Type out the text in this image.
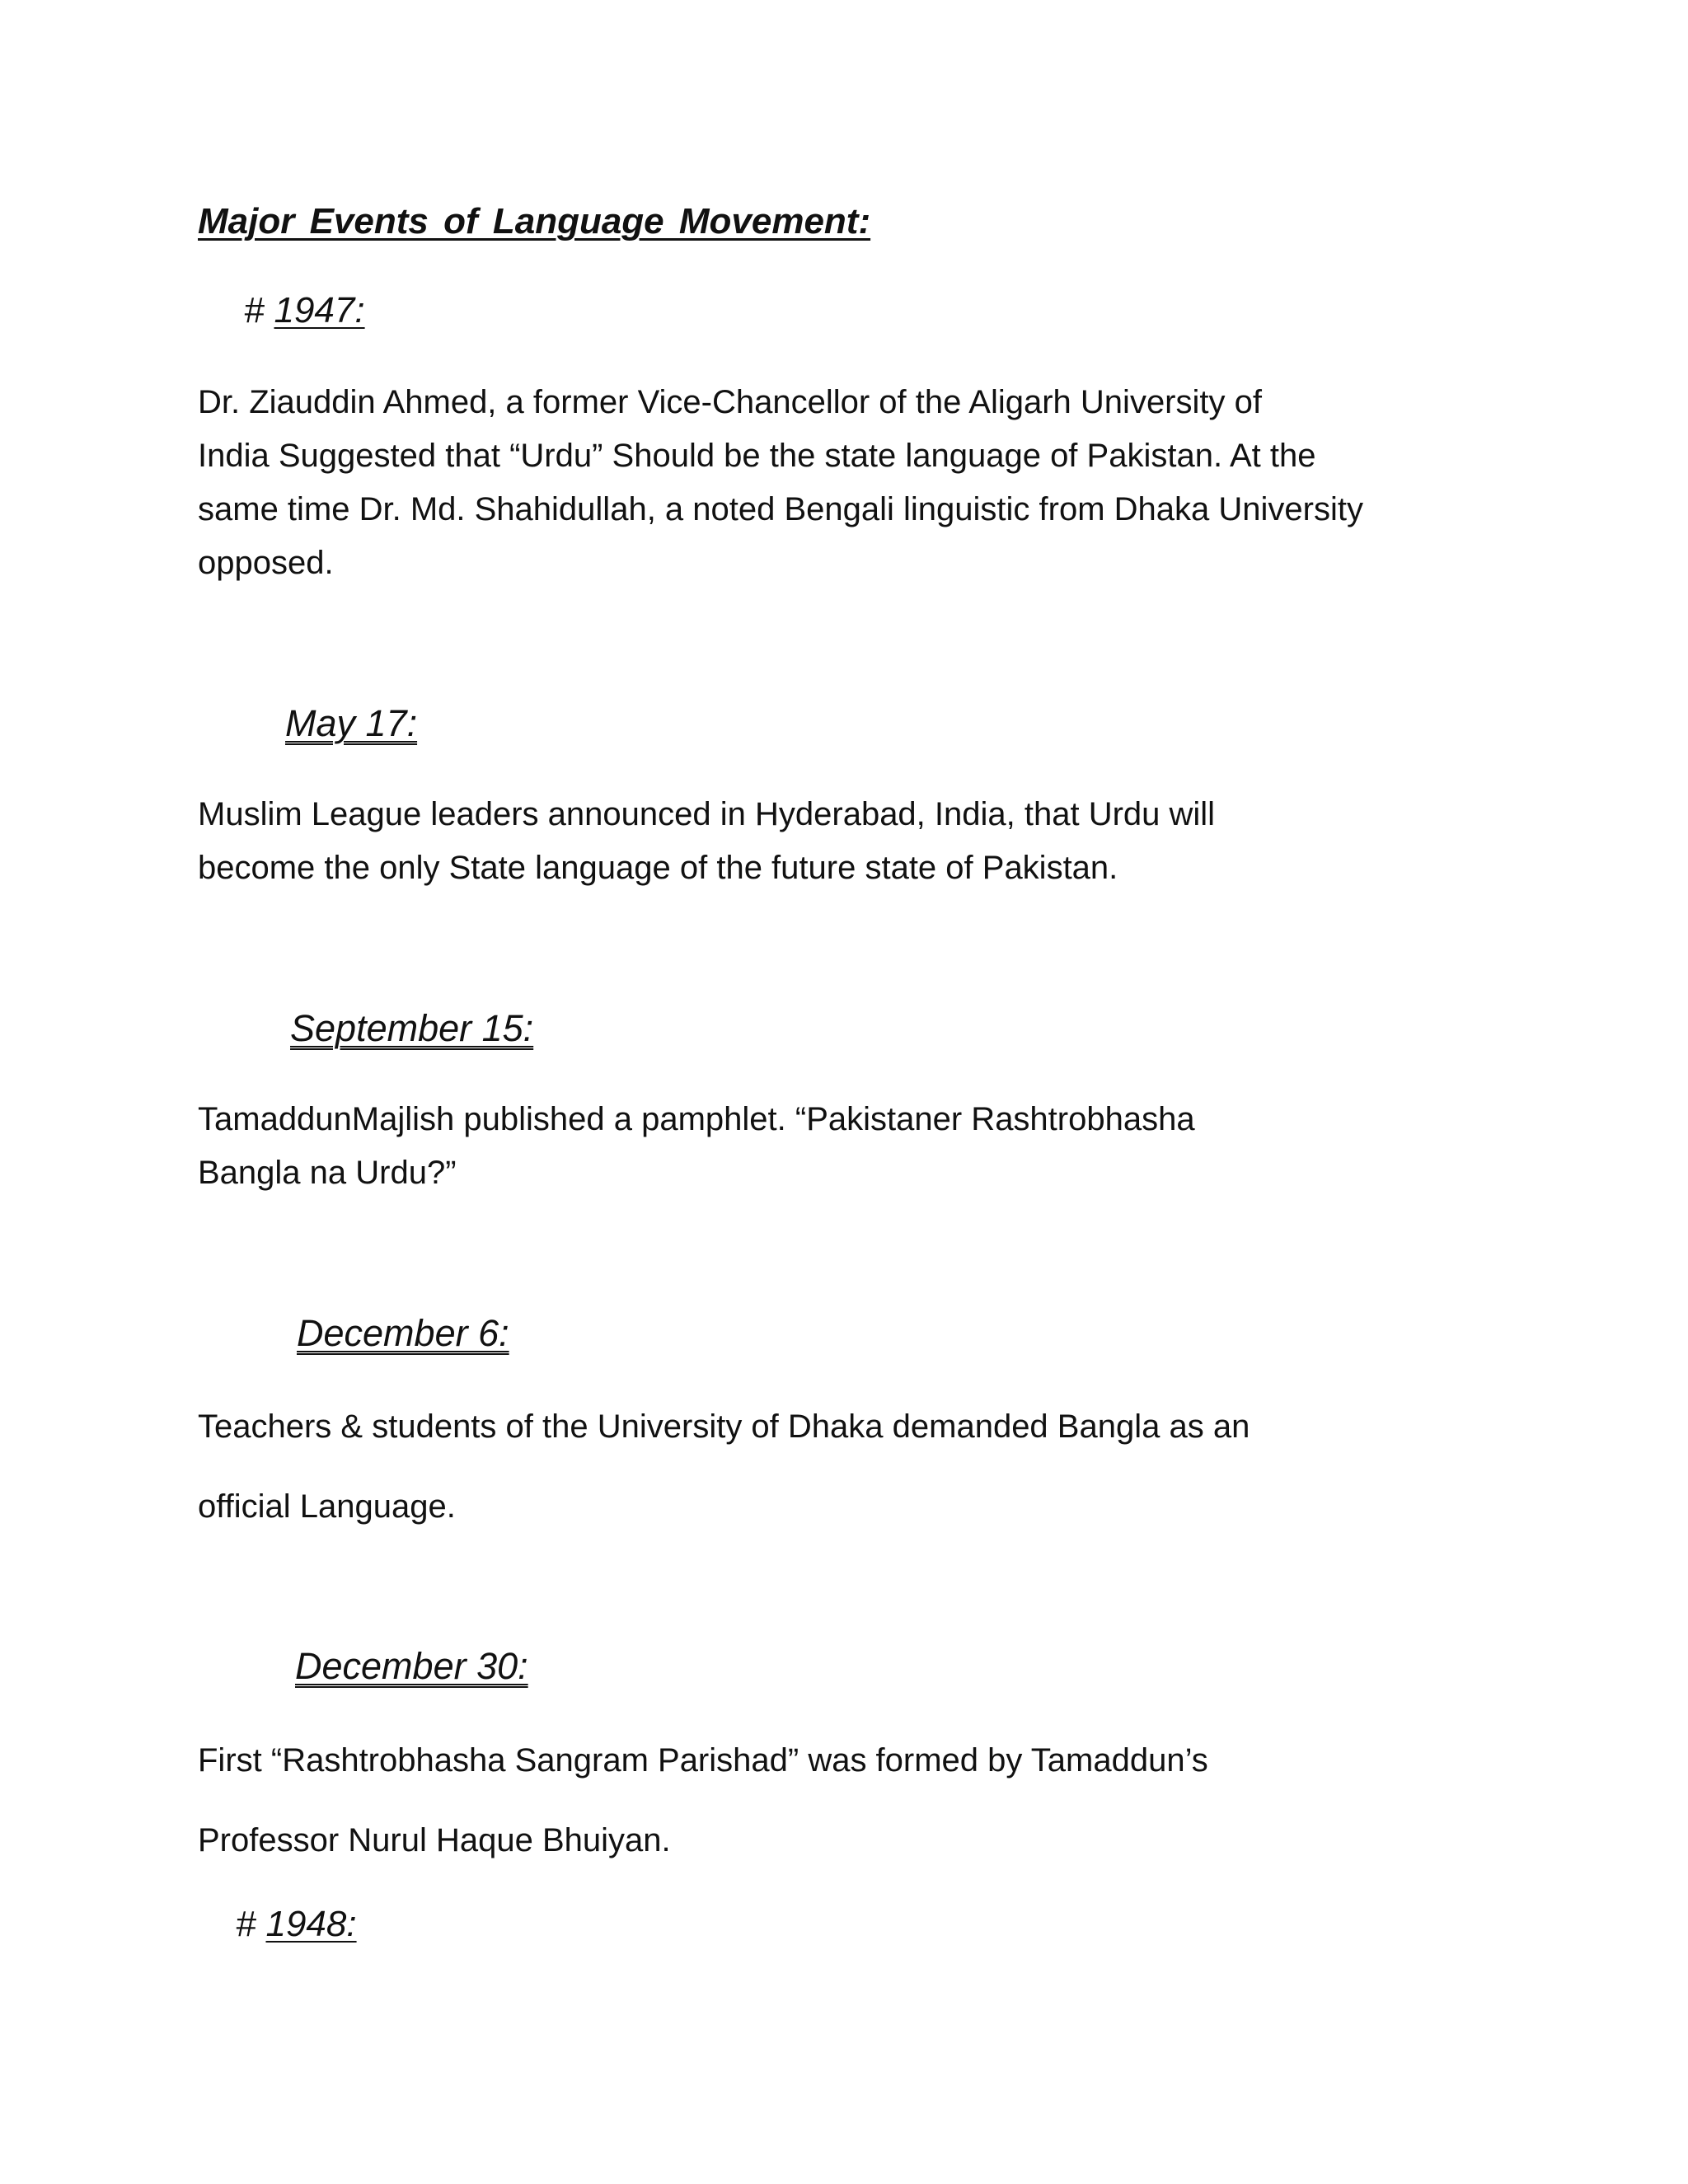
Major Events of Language Movement:
# 1947:

Dr. Ziauddin Ahmed, a former Vice-Chancellor of the Aligarh University of
India Suggested that “Urdu” Should be the state language of Pakistan. At the
same time Dr. Md. Shahidullah, a noted Bengali linguistic from Dhaka University
opposed.

May 17:

Muslim League leaders announced in Hyderabad, India, that Urdu will
become the only State language of the future state of Pakistan.

September 15:

TamaddunMajlish published a pamphlet. “Pakistaner Rashtrobhasha
Bangla na Urdu?”

December 6:

Teachers & students of the University of Dhaka demanded Bangla as an
official Language.

December 30:

First “Rashtrobhasha Sangram Parishad” was formed by Tamaddun’s
Professor Nurul Haque Bhuiyan.

# 1948:
